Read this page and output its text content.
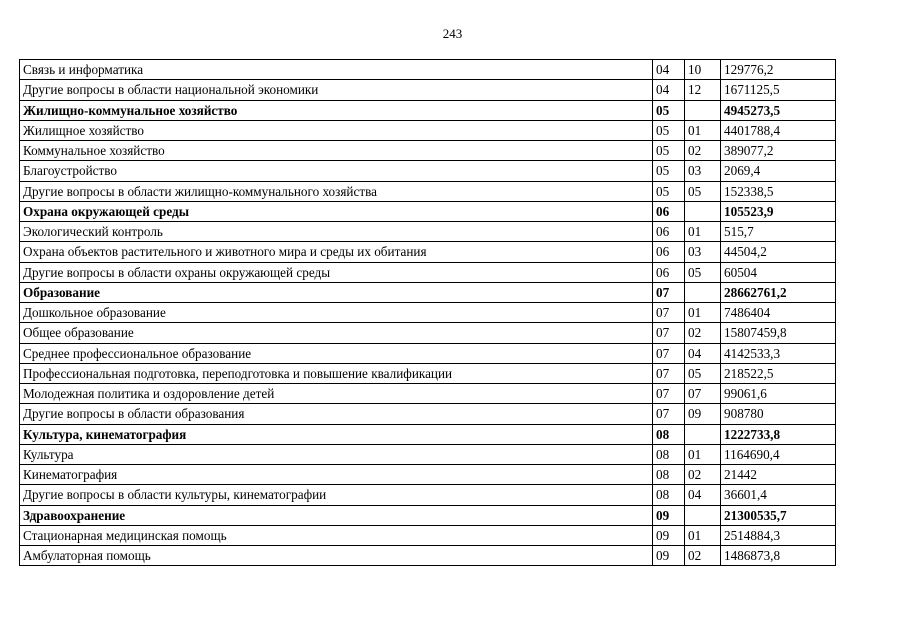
243
Связь и информатика	04	10	129776,2
Другие вопросы в области национальной экономики	04	12	1671125,5
Жилищно-коммунальное хозяйство	05		4945273,5
Жилищное хозяйство	05	01	4401788,4
Коммунальное хозяйство	05	02	389077,2
Благоустройство	05	03	2069,4
Другие вопросы в области жилищно-коммунального хозяйства	05	05	152338,5
Охрана окружающей среды	06		105523,9
Экологический контроль	06	01	515,7
Охрана объектов растительного и животного мира и среды их обитания	06	03	44504,2
Другие вопросы в области охраны окружающей среды	06	05	60504
Образование	07		28662761,2
Дошкольное образование	07	01	7486404
Общее образование	07	02	15807459,8
Среднее профессиональное образование	07	04	4142533,3
Профессиональная подготовка, переподготовка и повышение квалификации	07	05	218522,5
Молодежная политика и оздоровление детей	07	07	99061,6
Другие вопросы в области образования	07	09	908780
Культура, кинематография	08		1222733,8
Культура	08	01	1164690,4
Кинематография	08	02	21442
Другие вопросы в области культуры, кинематографии	08	04	36601,4
Здравоохранение	09		21300535,7
Стационарная медицинская помощь	09	01	2514884,3
Амбулаторная помощь	09	02	1486873,8
